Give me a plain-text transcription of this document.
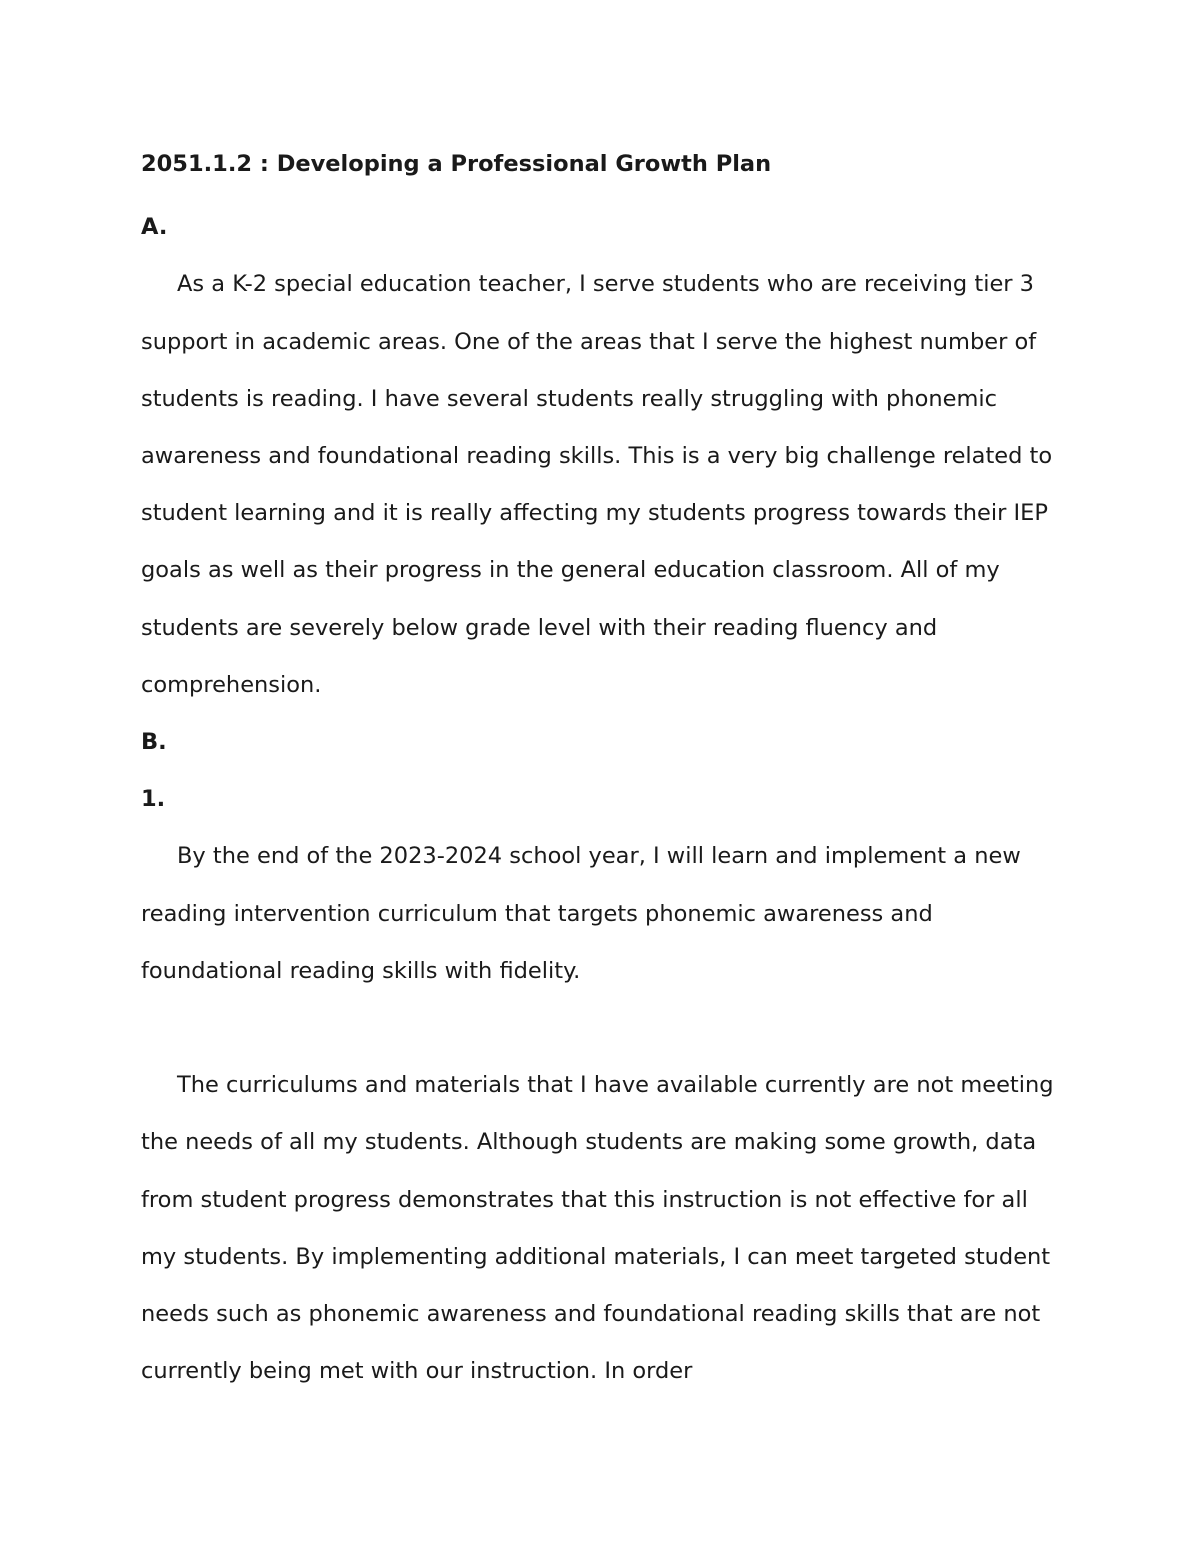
2051.1.2 : Developing a Professional Growth Plan

A.

As a K-2 special education teacher, I serve students who are receiving tier 3 support in academic areas. One of the areas that I serve the highest number of students is reading. I have several students really struggling with phonemic awareness and foundational reading skills. This is a very big challenge related to student learning and it is really affecting my students progress towards their IEP goals as well as their progress in the general education classroom. All of my students are severely below grade level with their reading fluency and comprehension.

B.

1.

By the end of the 2023-2024 school year, I will learn and implement a new reading intervention curriculum that targets phonemic awareness and foundational reading skills with fidelity.

The curriculums and materials that I have available currently are not meeting the needs of all my students. Although students are making some growth, data from student progress demonstrates that this instruction is not effective for all my students. By implementing additional materials, I can meet targeted student needs such as phonemic awareness and foundational reading skills that are not currently being met with our instruction. In order
